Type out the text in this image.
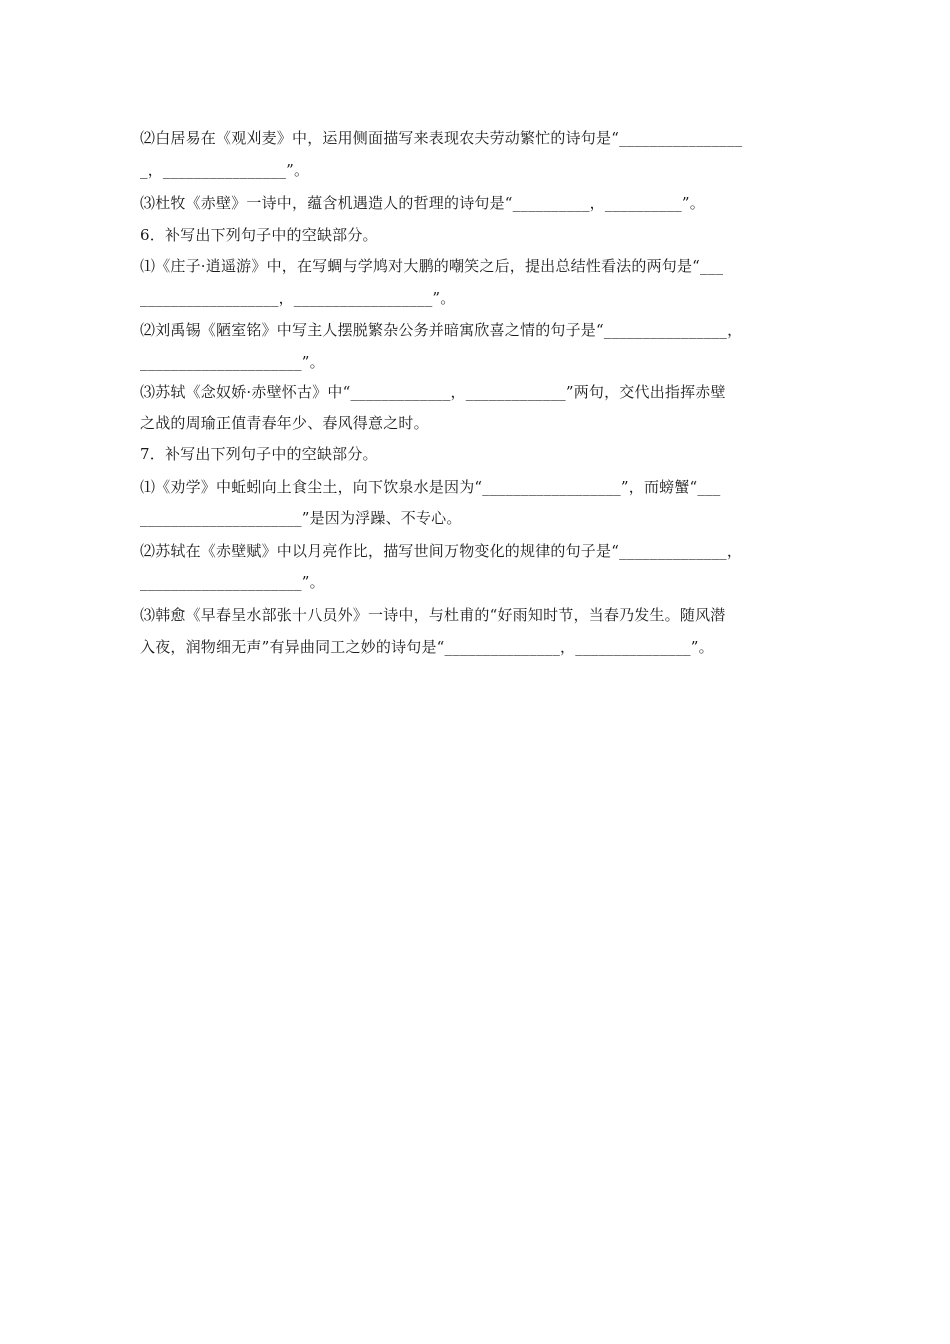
⑵白居易在《观刈麦》中，运用侧面描写来表现农夫劳动繁忙的诗句是“________________
_，________________”。
⑶杜牧《赤壁》一诗中，蕴含机遇造人的哲理的诗句是“__________，__________”。
6．补写出下列句子中的空缺部分。
⑴《庄子·逍遥游》中，在写蜩与学鸠对大鹏的嘲笑之后，提出总结性看法的两句是“___
__________________，__________________”。
⑵刘禹锡《陋室铭》中写主人摆脱繁杂公务并暗寓欣喜之情的句子是“________________，
_____________________”。
⑶苏轼《念奴娇·赤壁怀古》中“_____________，_____________”两句，交代出指挥赤壁
之战的周瑜正值青春年少、春风得意之时。
7．补写出下列句子中的空缺部分。
⑴《劝学》中蚯蚓向上食尘土，向下饮泉水是因为“__________________”，而螃蟹“___
_____________________”是因为浮躁、不专心。
⑵苏轼在《赤壁赋》中以月亮作比，描写世间万物变化的规律的句子是“______________，
_____________________”。
⑶韩愈《早春呈水部张十八员外》一诗中，与杜甫的“好雨知时节，当春乃发生。随风潜
入夜，润物细无声”有异曲同工之妙的诗句是“_______________，_______________”。
